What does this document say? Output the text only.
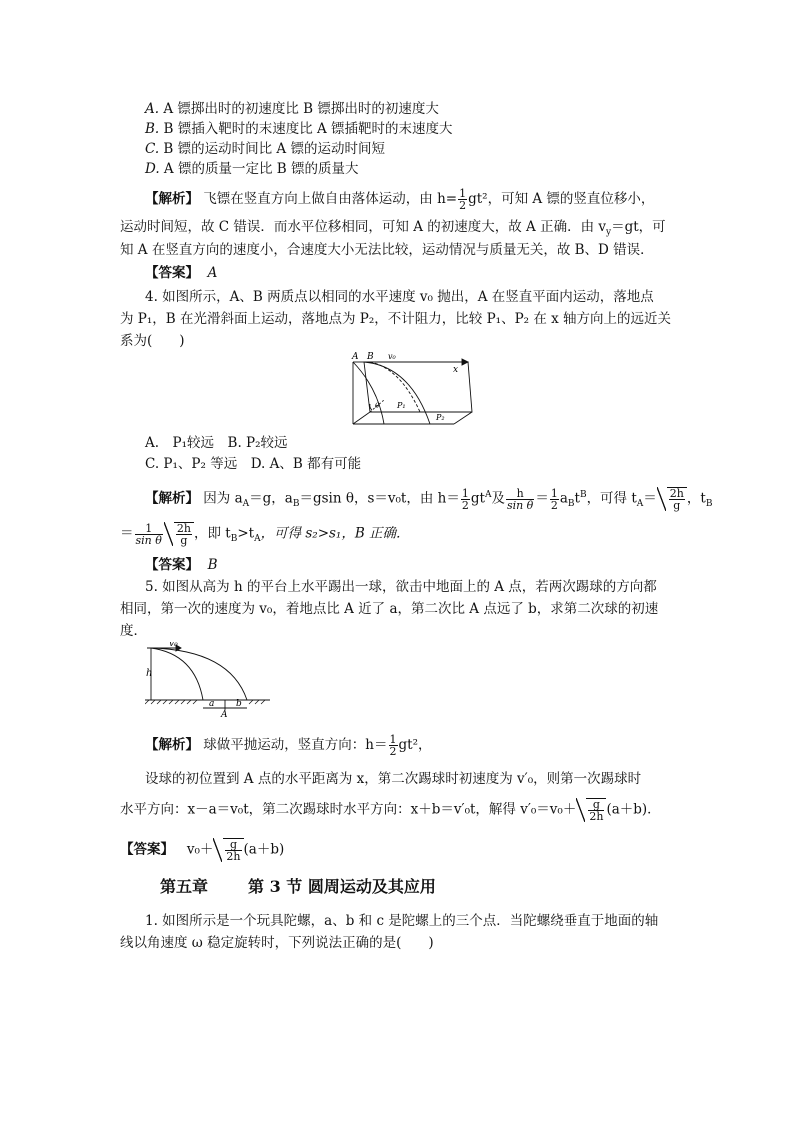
A. A 镖掷出时的初速度比 B 镖掷出时的初速度大
B. B 镖插入靶时的末速度比 A 镖插靶时的末速度大
C. B 镖的运动时间比 A 镖的运动时间短
D. A 镖的质量一定比 B 镖的质量大
【解析】 飞镖在竖直方向上做自由落体运动，由 $h= \frac{1}{2} gt^2$，可知 A 镖的竖直位移小，
运动时间短，故 C 错误．而水平位移相同，可知 A 的初速度大，故 A 正确．由 $v_y=gt$，可
知 A 在竖直方向的速度小，合速度大小无法比较，运动情况与质量无关，故 B、D 错误．
【答案】 A
4. 如图所示，A、B 两质点以相同的水平速度 v₀ 抛出，A 在竖直平面内运动，落地点
为 P₁，B 在光滑斜面上运动，落地点为 P₂，不计阻力，比较 P₁、P₂ 在 x 轴方向上的远近关
系为(　　)
A B v₀
x
θ P₁
P₂
A.　P₁较远　B. P₂较远
C. P₁、P₂ 等远　D. A、B 都有可能
【解析】 因为 $a_A=g$，$a_B=gsin$ θ，s＝v₀t，由 $h= \frac{1}{2} gt^A$及 $\frac{h}{\text{sin θ}} = \frac{1}{2} a_Bt^B$，可得 $t_A= \frac{2h}{g}$ ，$t_B$
＝ $\frac{1}{\text{sin θ}} \frac{2h}{g}$ ，即 $t_B>t_A$，可得 s₂>s₁，B 正确．
【答案】 B
5. 如图从高为 h 的平台上水平踢出一球，欲击中地面上的 A 点，若两次踢球的方向都
相同，第一次的速度为 v₀，着地点比 A 近了 a，第二次比 A 点远了 b，求第二次球的初速
度．
v₀
h
a
A
b
【解析】 球做平抛运动，竖直方向：$h= \frac{1}{2} gt^2$，
设球的初位置到 A 点的水平距离为 x，第二次踢球时初速度为 v′₀，则第一次踢球时
水平方向：x－a＝v₀t，第二次踢球时水平方向：x＋b＝v′₀t，解得 $v'_0=v_0+ \frac{g}{2h} (a+b)$．
【答案】 $v_0+ \frac{g}{2h} (a+b)$
第五章	第 3 节 圆周运动及其应用
1. 如图所示是一个玩具陀螺，a、b 和 c 是陀螺上的三个点．当陀螺绕垂直于地面的轴
线以角速度 ω 稳定旋转时，下列说法正确的是(　　)
